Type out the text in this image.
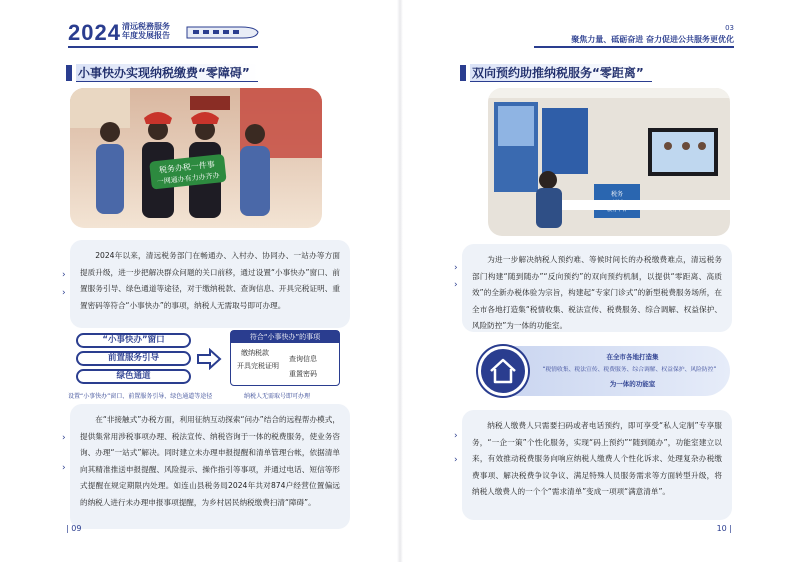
2024 清远税務服务
年度发展报告
03
聚焦力量、砥砺奋进 奋力促进公共服务更优化
小事快办实现纳税缴费“零障碍”
税务办税一件事
一网通办有力办齐办

2024年以来，清远税务部门在畅通办、入村办、协同办、一站办等方面提质升级，进一步把解决群众问题的关口前移，通过设置“小事快办”窗口、前置服务引导、绿色通道等途径，对于缴纳税款、查询信息、开具完税证明、重置密码等符合“小事快办”的事项，纳税人无需取号即可办理。

›
›
“小事快办”窗口
前置服务引导
绿色通道
符合“小事快办”的事项
缴纳税款
查询信息
开具完税证明
重置密码
设置“小事快办”窗口、前置服务引导、绿色通道等途径	纳税人无需取号即可办理

在“非接触式”办税方面，利用征纳互动探索“问办”结合的远程帮办模式，提供集常用涉税事项办理、税法宣传、纳税咨询于一体的税费服务，使业务咨询、办理“一站式”解决。同时建立未办理申报提醒和清单管理台帐，依据清单向其精准推送申报提醒、风险提示、操作指引等事项，并通过电话、短信等形式提醒在规定期限内处理。如连山县税务局2024年共对874户经营位置偏远的纳税人进行未办理申报事项提醒，为乡村居民纳税缴费扫清“障碍”。

›
›
| 09
双向预约助推纳税服务“零距离”
税务

为进一步解决纳税人预约难、等候时间长的办税缴费难点，清远税务部门构建“随到随办”“反向预约”的双向预约机制，以提供“零距离、高质效”的全新办税体验为宗旨，构建起“专家门诊式”的新型税费服务场所，在全市各地打造集“税情收集、税法宣传、税费服务、综合调解、权益保护、风险防控”为一体的功能室。

›
›
在全市各地打造集
“税情收集、税法宣传、税费服务、综合调解、权益保护、风险防控”
为一体的功能室

纳税人缴费人只需要扫码或者电话预约，即可享受“私人定制”专享服务，“一企一策”个性化服务，实现“码上预约”“随到随办”，功能室建立以来，有效推动税费服务向响应纳税人缴费人个性化诉求、处理复杂办税缴费事项、解决税费争议争议、满足特殊人员服务需求等方面转型升级，将纳税人缴费人的一个个“需求清单”变成一项项“满意清单”。

›
›
10 |
